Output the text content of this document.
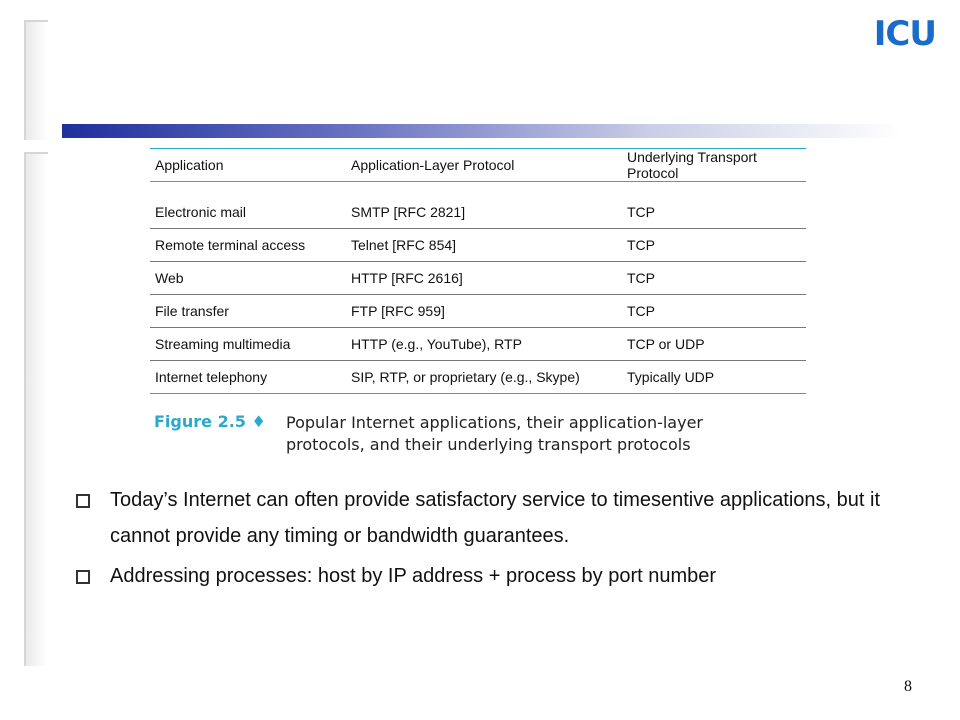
ICU
Application	Application-Layer Protocol	Underlying Transport Protocol
Electronic mail	SMTP [RFC 2821]	TCP
Remote terminal access	Telnet [RFC 854]	TCP
Web	HTTP [RFC 2616]	TCP
File transfer	FTP [RFC 959]	TCP
Streaming multimedia	HTTP (e.g., YouTube), RTP	TCP or UDP
Internet telephony	SIP, RTP, or proprietary (e.g., Skype)	Typically UDP
Figure 2.5 ♦	Popular Internet applications, their application-layer protocols, and their underlying transport protocols
Today’s Internet can often provide satisfactory service to timesentive applications, but it cannot provide any timing or bandwidth guarantees.
Addressing processes: host by IP address + process by port number
8
